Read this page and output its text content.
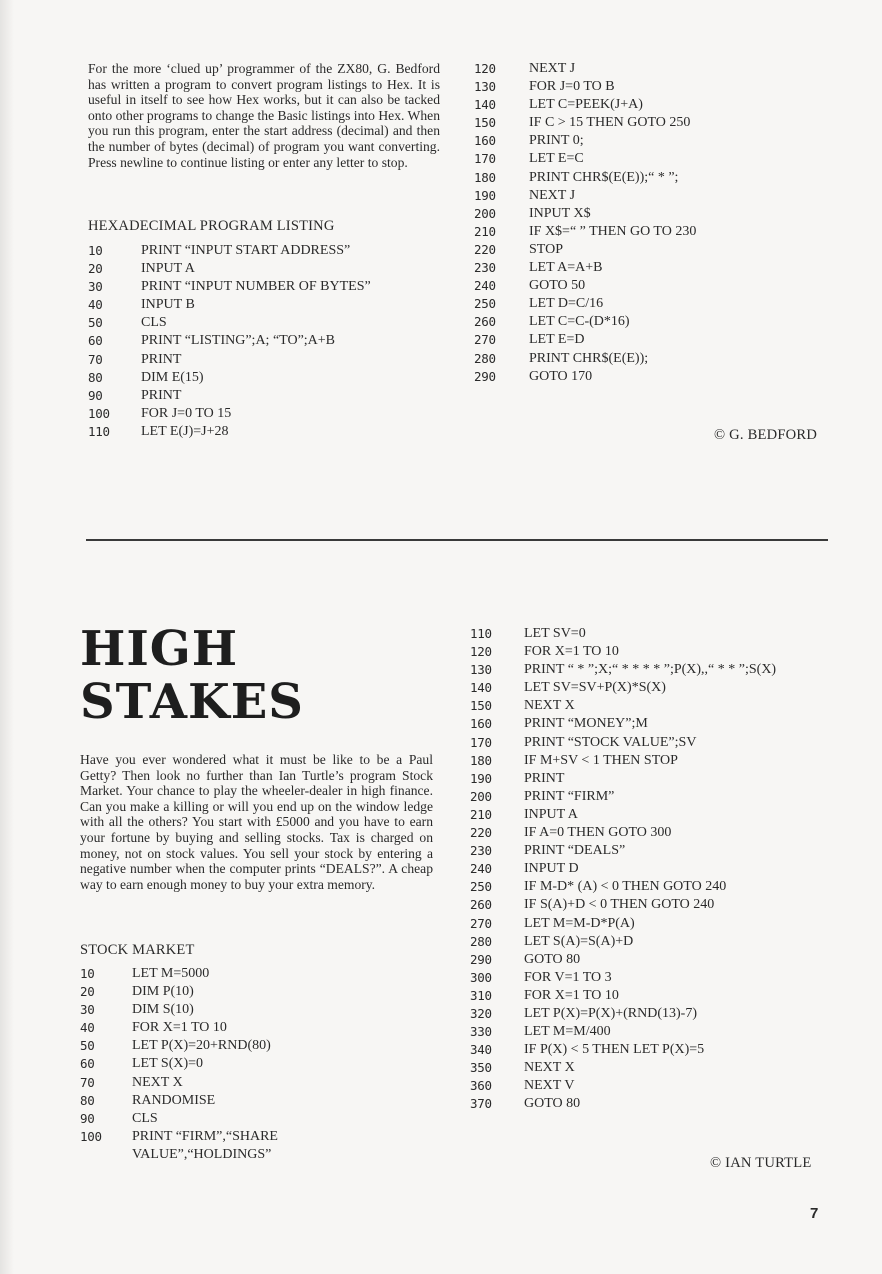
For the more ‘clued up’ programmer of the ZX80, G. Bedford has written a program to convert program listings to Hex. It is useful in itself to see how Hex works, but it can also be tacked onto other programs to change the Basic listings into Hex. When you run this program, enter the start address (decimal) and then the number of bytes (decimal) of program you want converting. Press newline to continue listing or enter any letter to stop.
HEXADECIMAL PROGRAM LISTING
10	PRINT “INPUT START ADDRESS”
20	INPUT A
30	PRINT “INPUT NUMBER OF BYTES”
40	INPUT B
50	CLS
60	PRINT “LISTING”;A; “TO”;A+B
70	PRINT
80	DIM E(15)
90	PRINT
100 FOR J=0 TO 15
110 LET E(J)=J+28
120 NEXT J
130 FOR J=0 TO B
140 LET C=PEEK(J+A)
150 IF C > 15 THEN GOTO 250
160 PRINT 0;
170 LET E=C
180 PRINT CHR$(E(E));“ * ”;
190 NEXT J
200 INPUT X$
210 IF X$=“ ” THEN GO TO 230
220 STOP
230 LET A=A+B
240 GOTO 50
250 LET D=C/16
260 LET C=C-(D*16)
270 LET E=D
280 PRINT CHR$(E(E));
290 GOTO 170
© G. BEDFORD
HIGH
STAKES
Have you ever wondered what it must be like to be a Paul Getty? Then look no further than Ian Turtle’s program Stock Market. Your chance to play the wheeler-dealer in high finance. Can you make a killing or will you end up on the window ledge with all the others? You start with £5000 and you have to earn your fortune by buying and selling stocks. Tax is charged on money, not on stock values. You sell your stock by entering a negative number when the computer prints “DEALS?”. A cheap way to earn enough money to buy your extra memory.
STOCK MARKET
10	LET M=5000
20	DIM P(10)
30	DIM S(10)
40	FOR X=1 TO 10
50	LET P(X)=20+RND(80)
60	LET S(X)=0
70	NEXT X
80	RANDOMISE
90	CLS
100 PRINT “FIRM”,“SHARE
VALUE”,“HOLDINGS”
110 LET SV=0
120 FOR X=1 TO 10
130 PRINT “ * ”;X;“ * * * * ”;P(X),,“ * * ”;S(X)
140 LET SV=SV+P(X)*S(X)
150 NEXT X
160 PRINT “MONEY”;M
170 PRINT “STOCK VALUE”;SV
180 IF M+SV < 1 THEN STOP
190 PRINT
200 PRINT “FIRM”
210 INPUT A
220 IF A=0 THEN GOTO 300
230 PRINT “DEALS”
240 INPUT D
250 IF M-D* (A) < 0 THEN GOTO 240
260 IF S(A)+D < 0 THEN GOTO 240
270 LET M=M-D*P(A)
280 LET S(A)=S(A)+D
290 GOTO 80
300 FOR V=1 TO 3
310 FOR X=1 TO 10
320 LET P(X)=P(X)+(RND(13)-7)
330 LET M=M/400
340 IF P(X) < 5 THEN LET P(X)=5
350 NEXT X
360 NEXT V
370 GOTO 80
© IAN TURTLE
7
